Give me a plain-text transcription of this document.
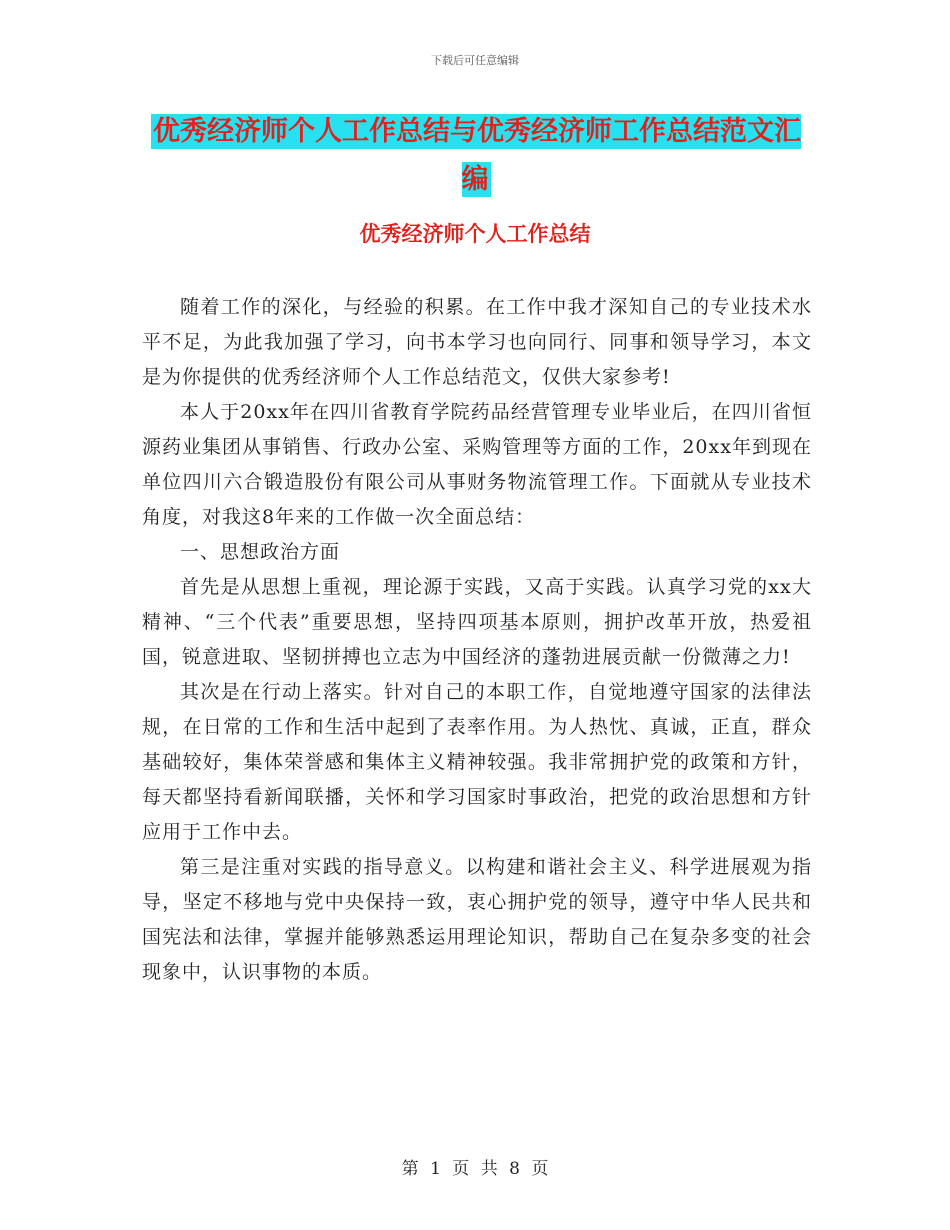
下载后可任意编辑
优秀经济师个人工作总结与优秀经济师工作总结范文汇编
优秀经济师个人工作总结

随着工作的深化，与经验的积累。在工作中我才深知自己的专业技术水平不足，为此我加强了学习，向书本学习也向同行、同事和领导学习，本文是为你提供的优秀经济师个人工作总结范文，仅供大家参考!

本人于20xx年在四川省教育学院药品经营管理专业毕业后，在四川省恒源药业集团从事销售、行政办公室、采购管理等方面的工作，20xx年到现在单位四川六合锻造股份有限公司从事财务物流管理工作。下面就从专业技术角度，对我这8年来的工作做一次全面总结：

一、思想政治方面

首先是从思想上重视，理论源于实践，又高于实践。认真学习党的xx大精神、“三个代表”重要思想，坚持四项基本原则，拥护改革开放，热爱祖国，锐意进取、坚韧拼搏也立志为中国经济的蓬勃进展贡献一份微薄之力!

其次是在行动上落实。针对自己的本职工作，自觉地遵守国家的法律法规，在日常的工作和生活中起到了表率作用。为人热忱、真诚，正直，群众基础较好，集体荣誉感和集体主义精神较强。我非常拥护党的政策和方针，每天都坚持看新闻联播，关怀和学习国家时事政治，把党的政治思想和方针应用于工作中去。

第三是注重对实践的指导意义。以构建和谐社会主义、科学进展观为指导，坚定不移地与党中央保持一致，衷心拥护党的领导，遵守中华人民共和国宪法和法律，掌握并能够熟悉运用理论知识，帮助自己在复杂多变的社会现象中，认识事物的本质。

第 1 页 共 8 页
